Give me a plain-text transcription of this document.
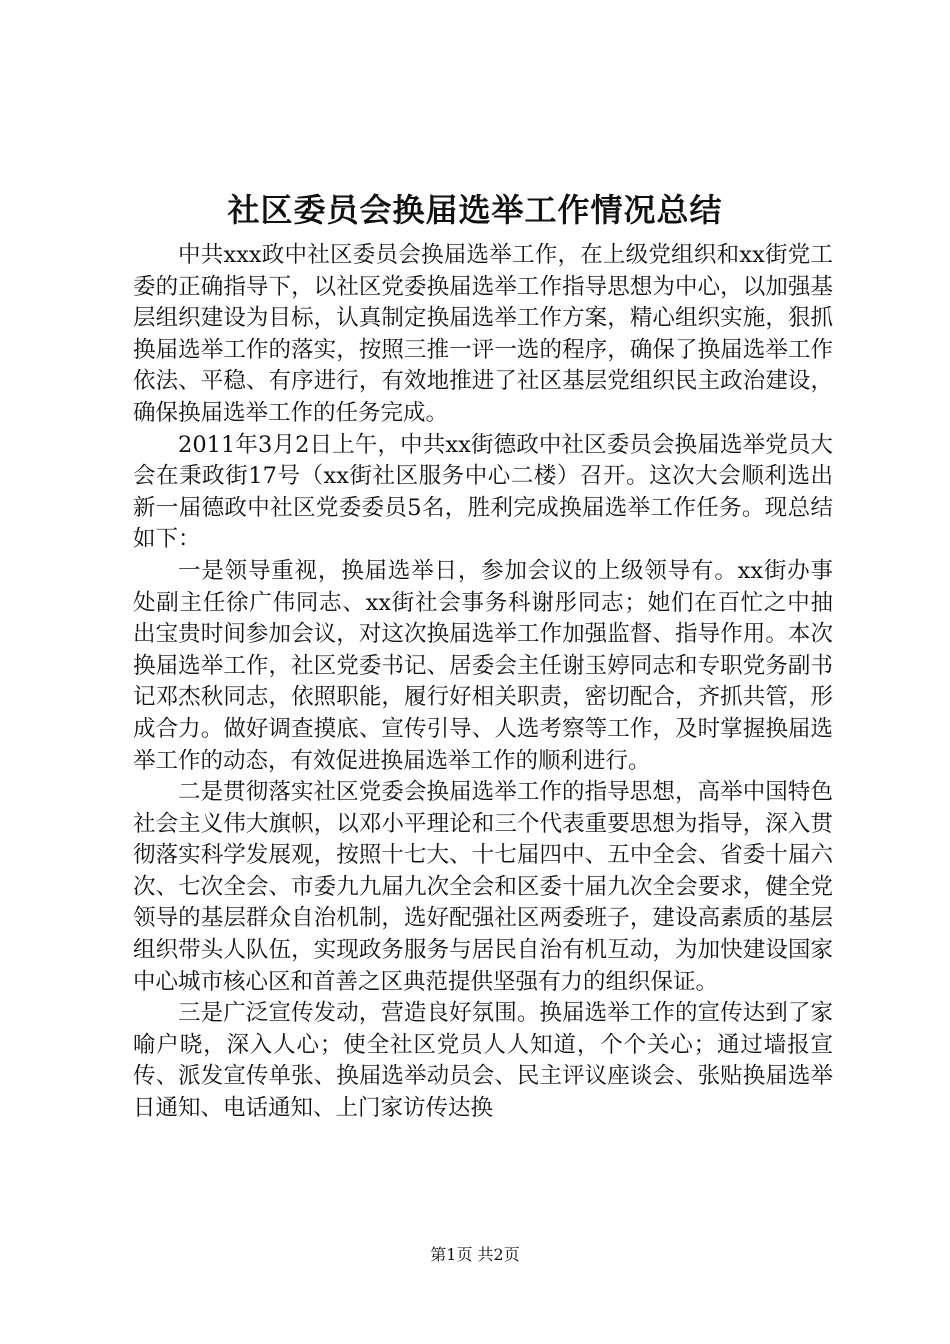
社区委员会换届选举工作情况总结

中共xxx政中社区委员会换届选举工作，在上级党组织和xx街党工委的正确指导下，以社区党委换届选举工作指导思想为中心，以加强基层组织建设为目标，认真制定换届选举工作方案，精心组织实施，狠抓换届选举工作的落实，按照三推一评一选的程序，确保了换届选举工作依法、平稳、有序进行，有效地推进了社区基层党组织民主政治建设，确保换届选举工作的任务完成。

2011年3月2日上午，中共xx街德政中社区委员会换届选举党员大会在秉政街17号（xx街社区服务中心二楼）召开。这次大会顺利选出新一届德政中社区党委委员5名，胜利完成换届选举工作任务。现总结如下：

一是领导重视，换届选举日，参加会议的上级领导有。xx街办事处副主任徐广伟同志、xx街社会事务科谢彤同志；她们在百忙之中抽出宝贵时间参加会议，对这次换届选举工作加强监督、指导作用。本次换届选举工作，社区党委书记、居委会主任谢玉婷同志和专职党务副书记邓杰秋同志，依照职能，履行好相关职责，密切配合，齐抓共管，形成合力。做好调查摸底、宣传引导、人选考察等工作，及时掌握换届选举工作的动态，有效促进换届选举工作的顺利进行。

二是贯彻落实社区党委会换届选举工作的指导思想，高举中国特色社会主义伟大旗帜，以邓小平理论和三个代表重要思想为指导，深入贯彻落实科学发展观，按照十七大、十七届四中、五中全会、省委十届六次、七次全会、市委九九届九次全会和区委十届九次全会要求，健全党领导的基层群众自治机制，选好配强社区两委班子，建设高素质的基层组织带头人队伍，实现政务服务与居民自治有机互动，为加快建设国家中心城市核心区和首善之区典范提供坚强有力的组织保证。

三是广泛宣传发动，营造良好氛围。换届选举工作的宣传达到了家喻户晓，深入人心；使全社区党员人人知道，个个关心；通过墙报宣传、派发宣传单张、换届选举动员会、民主评议座谈会、张贴换届选举日通知、电话通知、上门家访传达换

第1页 共2页
